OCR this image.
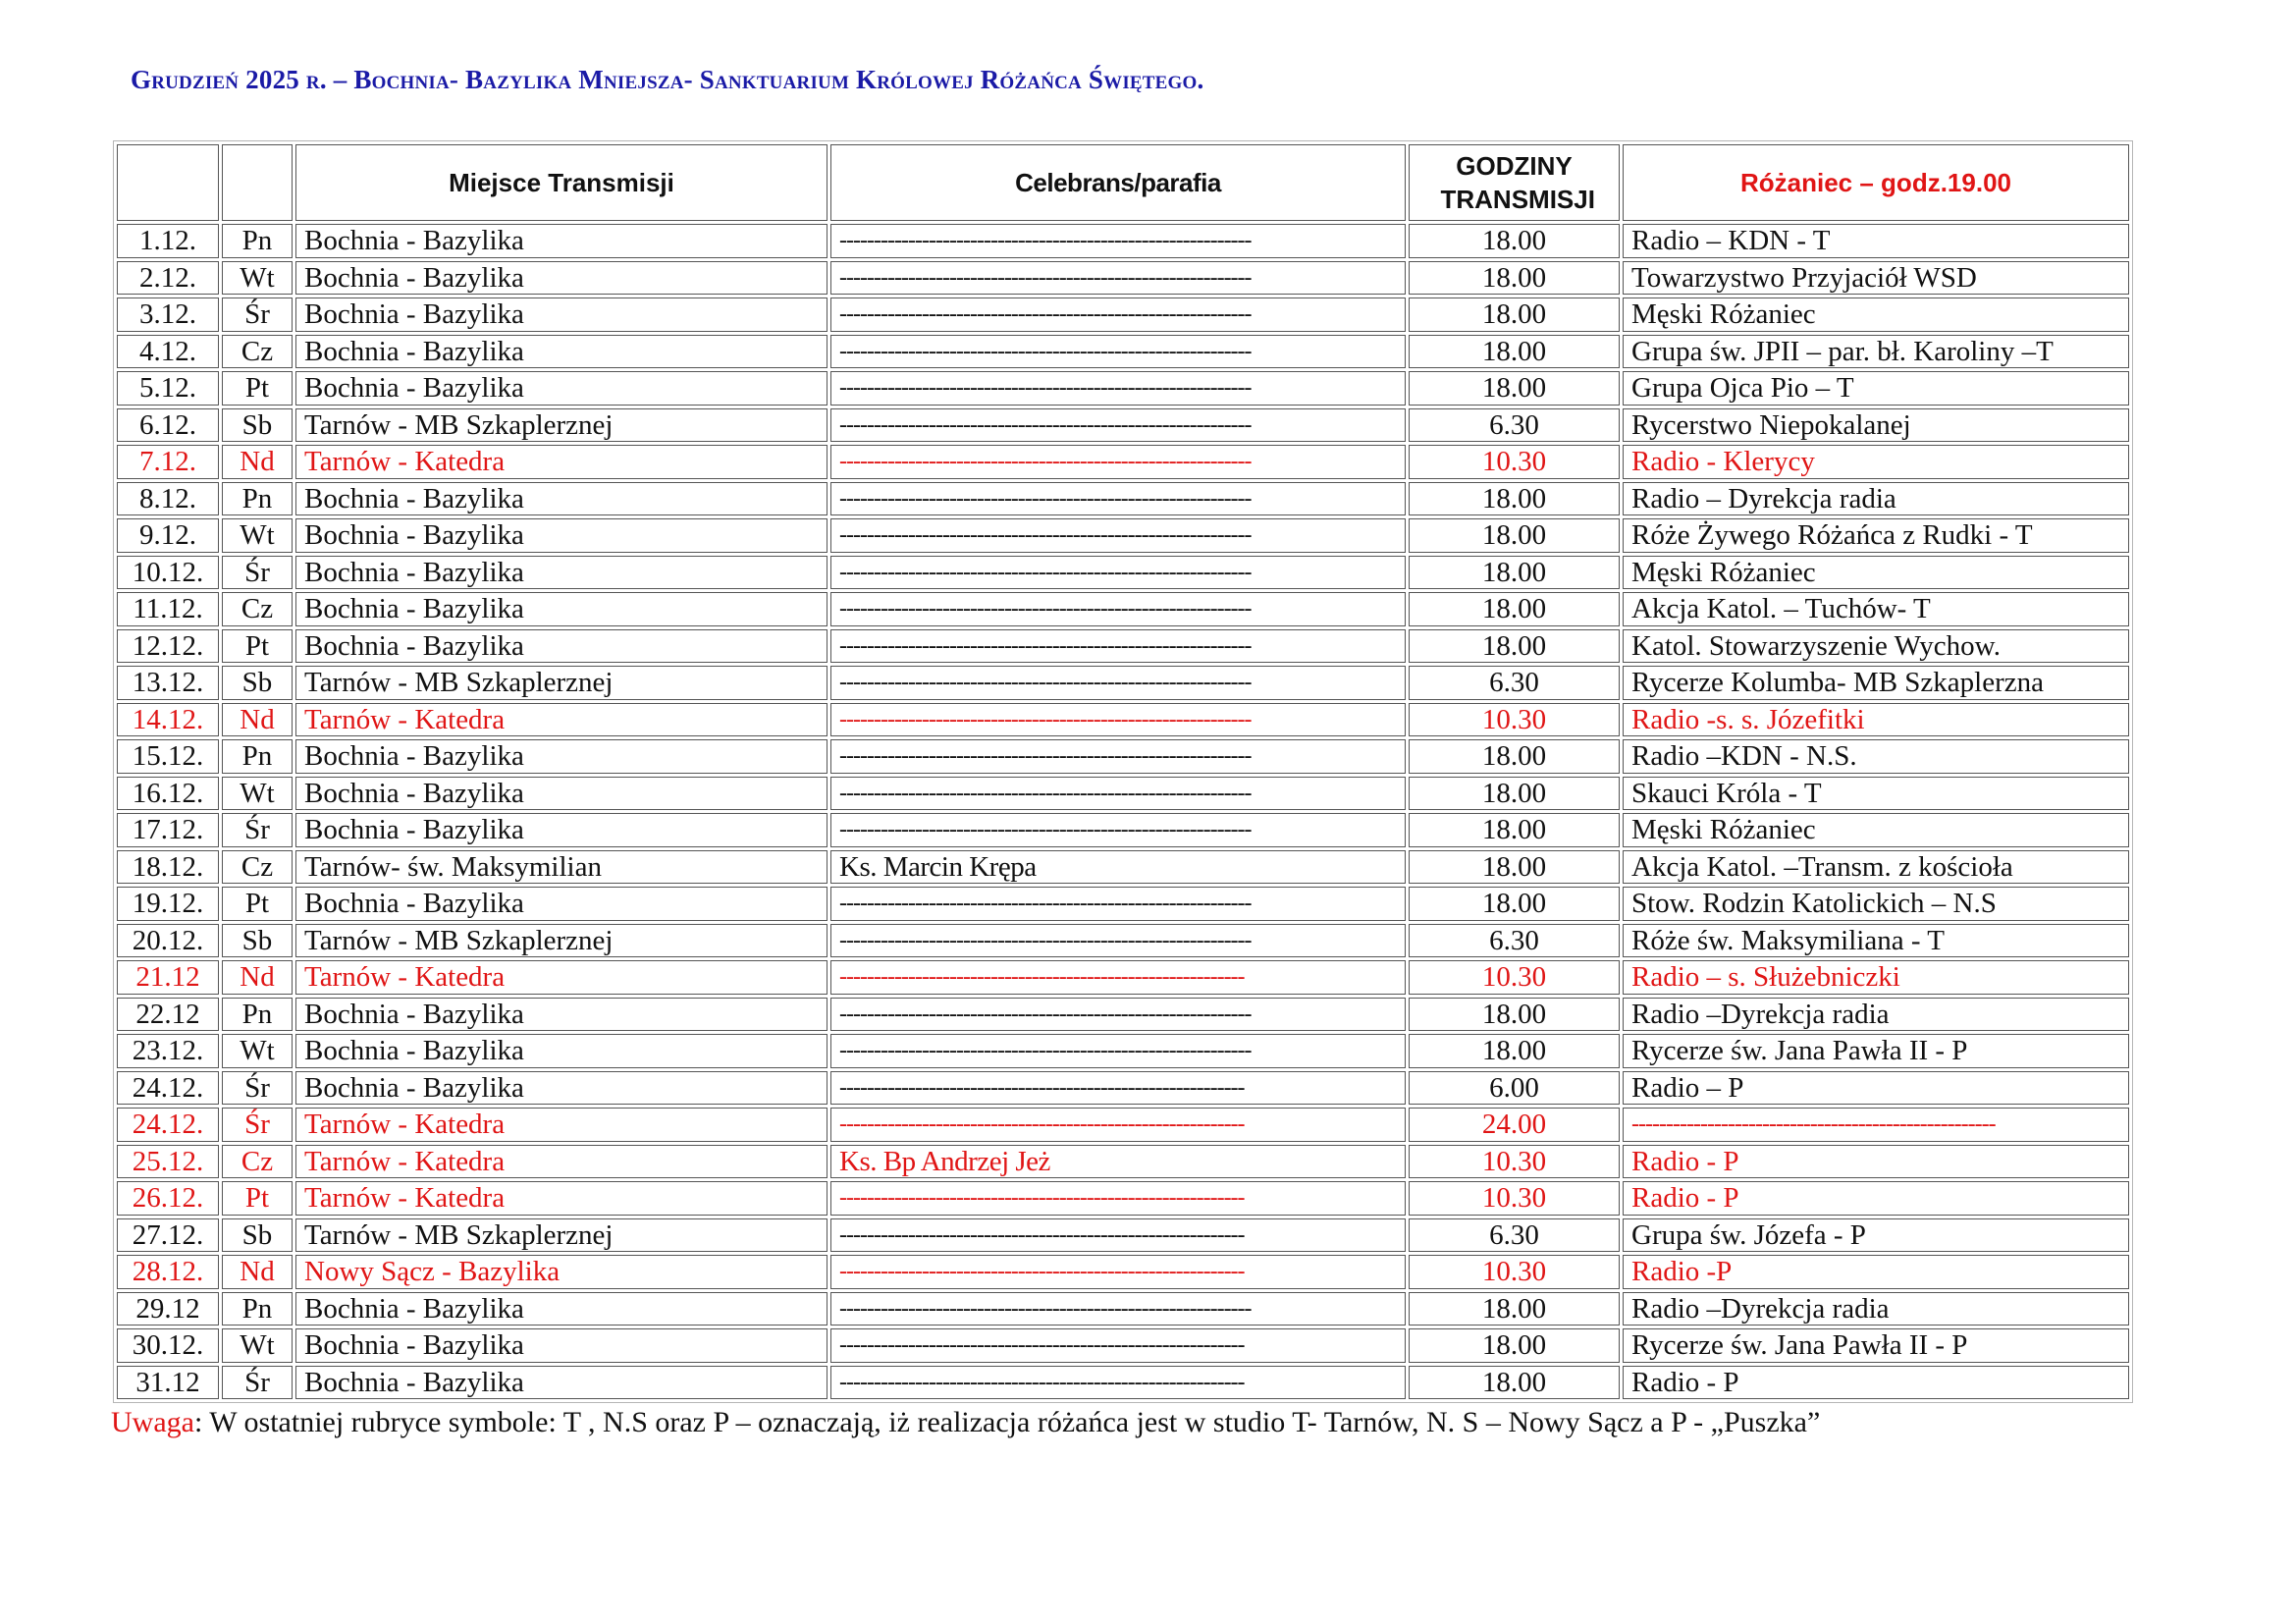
Grudzień 2025 r. – Bochnia- Bazylika Mniejsza- Sanktuarium Królowej Różańca Świętego.
		Miejsce Transmisji	Celebrans/parafia	GODZINY TRANSMISJI	Różaniec – godz.19.00
1.12.	Pn	Bochnia - Bazylika	------------------------------------------------------------	18.00	Radio – KDN - T
2.12.	Wt	Bochnia - Bazylika	------------------------------------------------------------	18.00	Towarzystwo Przyjaciół WSD
3.12.	Śr	Bochnia - Bazylika	------------------------------------------------------------	18.00	Męski Różaniec
4.12.	Cz	Bochnia - Bazylika	------------------------------------------------------------	18.00	Grupa św. JPII – par. bł. Karoliny –T
5.12.	Pt	Bochnia - Bazylika	------------------------------------------------------------	18.00	Grupa Ojca Pio – T
6.12.	Sb	Tarnów - MB Szkaplerznej	------------------------------------------------------------	6.30	Rycerstwo Niepokalanej
7.12.	Nd	Tarnów - Katedra	------------------------------------------------------------	10.30	Radio - Klerycy
8.12.	Pn	Bochnia - Bazylika	------------------------------------------------------------	18.00	Radio – Dyrekcja radia
9.12.	Wt	Bochnia - Bazylika	------------------------------------------------------------	18.00	Róże Żywego Różańca z Rudki - T
10.12.	Śr	Bochnia - Bazylika	------------------------------------------------------------	18.00	Męski Różaniec
11.12.	Cz	Bochnia - Bazylika	------------------------------------------------------------	18.00	Akcja Katol. – Tuchów- T
12.12.	Pt	Bochnia - Bazylika	------------------------------------------------------------	18.00	Katol. Stowarzyszenie Wychow.
13.12.	Sb	Tarnów - MB Szkaplerznej	------------------------------------------------------------	6.30	Rycerze Kolumba- MB Szkaplerzna
14.12.	Nd	Tarnów - Katedra	------------------------------------------------------------	10.30	Radio -s. s. Józefitki
15.12.	Pn	Bochnia - Bazylika	------------------------------------------------------------	18.00	Radio –KDN - N.S.
16.12.	Wt	Bochnia - Bazylika	------------------------------------------------------------	18.00	Skauci Króla - T
17.12.	Śr	Bochnia - Bazylika	------------------------------------------------------------	18.00	Męski Różaniec
18.12.	Cz	Tarnów- św. Maksymilian	Ks. Marcin Krępa	18.00	Akcja Katol. –Transm. z kościoła
19.12.	Pt	Bochnia - Bazylika	------------------------------------------------------------	18.00	Stow. Rodzin Katolickich – N.S
20.12.	Sb	Tarnów - MB Szkaplerznej	------------------------------------------------------------	6.30	Róże św. Maksymiliana - T
21.12	Nd	Tarnów - Katedra	-----------------------------------------------------------	10.30	Radio – s. Służebniczki
22.12	Pn	Bochnia - Bazylika	------------------------------------------------------------	18.00	Radio –Dyrekcja radia
23.12.	Wt	Bochnia - Bazylika	------------------------------------------------------------	18.00	Rycerze św. Jana Pawła II - P
24.12.	Śr	Bochnia - Bazylika	-----------------------------------------------------------	6.00	Radio – P
24.12.	Śr	Tarnów - Katedra	-----------------------------------------------------------	24.00	-----------------------------------------------------
25.12.	Cz	Tarnów - Katedra	Ks. Bp Andrzej Jeż	10.30	Radio - P
26.12.	Pt	Tarnów - Katedra	-----------------------------------------------------------	10.30	Radio - P
27.12.	Sb	Tarnów - MB Szkaplerznej	-----------------------------------------------------------	6.30	Grupa św. Józefa - P
28.12.	Nd	Nowy Sącz - Bazylika	-----------------------------------------------------------	10.30	Radio -P
29.12	Pn	Bochnia - Bazylika	------------------------------------------------------------	18.00	Radio –Dyrekcja radia
30.12.	Wt	Bochnia - Bazylika	-----------------------------------------------------------	18.00	Rycerze św. Jana Pawła II - P
31.12	Śr	Bochnia - Bazylika	-----------------------------------------------------------	18.00	Radio - P
Uwaga: W ostatniej rubryce symbole: T , N.S oraz P – oznaczają, iż realizacja różańca jest w studio T- Tarnów, N. S – Nowy Sącz a P - „Puszka”
